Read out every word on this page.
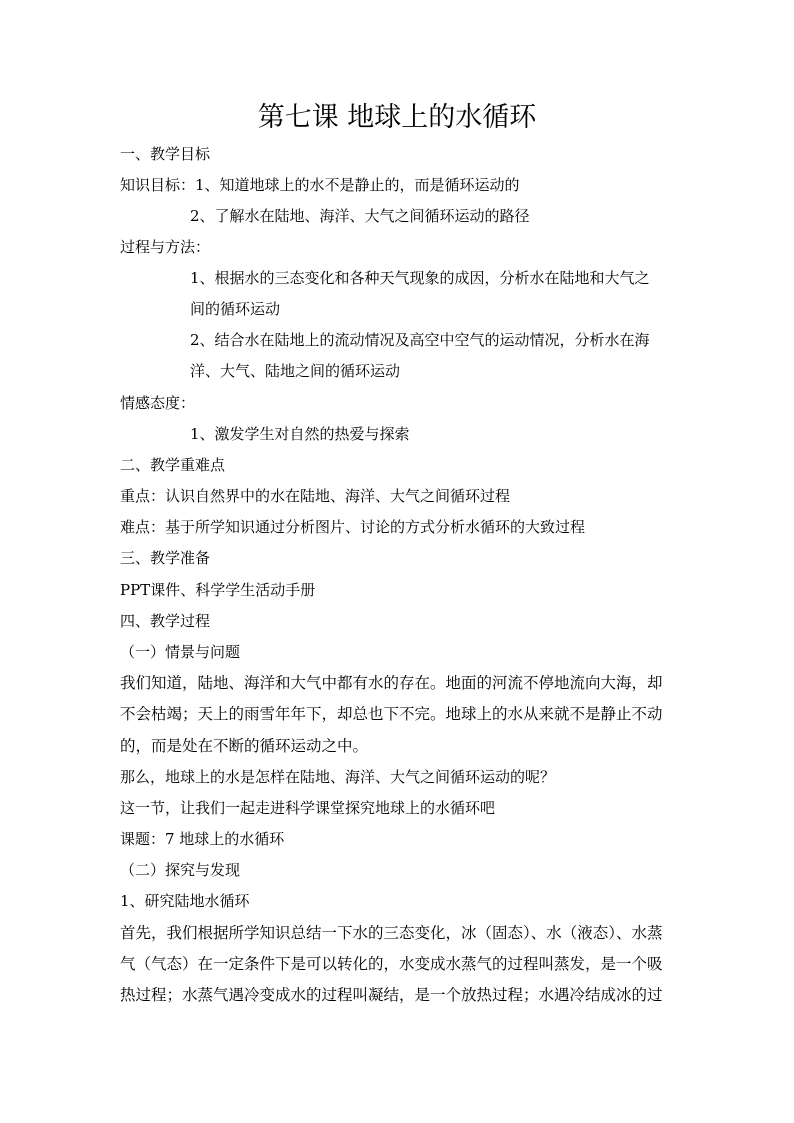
第七课 地球上的水循环
一、教学目标
知识目标：1、知道地球上的水不是静止的，而是循环运动的
2、了解水在陆地、海洋、大气之间循环运动的路径
过程与方法：
1、根据水的三态变化和各种天气现象的成因，分析水在陆地和大气之
间的循环运动
2、结合水在陆地上的流动情况及高空中空气的运动情况，分析水在海
洋、大气、陆地之间的循环运动
情感态度：
1、激发学生对自然的热爱与探索
二、教学重难点
重点：认识自然界中的水在陆地、海洋、大气之间循环过程
难点：基于所学知识通过分析图片、讨论的方式分析水循环的大致过程
三、教学准备
PPT课件、科学学生活动手册
四、教学过程
（一）情景与问题
我们知道，陆地、海洋和大气中都有水的存在。地面的河流不停地流向大海，却
不会枯竭；天上的雨雪年年下，却总也下不完。地球上的水从来就不是静止不动
的，而是处在不断的循环运动之中。
那么，地球上的水是怎样在陆地、海洋、大气之间循环运动的呢？
这一节，让我们一起走进科学课堂探究地球上的水循环吧
课题：7 地球上的水循环
（二）探究与发现
1、研究陆地水循环
首先，我们根据所学知识总结一下水的三态变化，冰（固态）、水（液态）、水蒸
气（气态）在一定条件下是可以转化的，水变成水蒸气的过程叫蒸发，是一个吸
热过程；水蒸气遇冷变成水的过程叫凝结，是一个放热过程；水遇冷结成冰的过
